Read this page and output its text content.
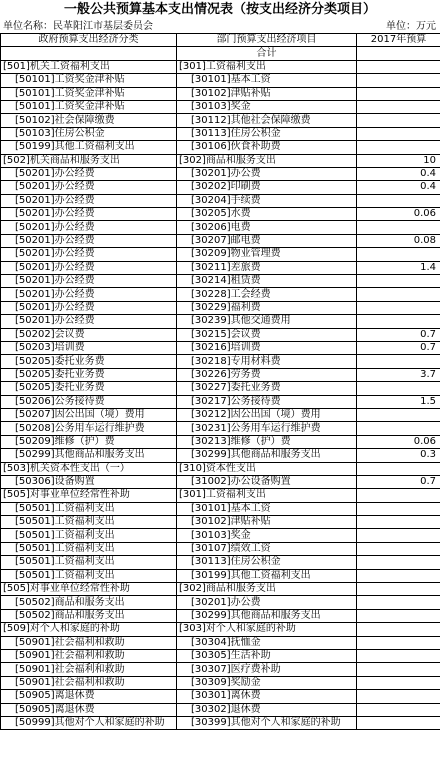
一般公共预算基本支出情况表（按支出经济分类项目）
单位名称：民革阳江市基层委员会	单位：万元
政府预算支出经济分类	部门预算支出经济项目	2017年预算
	合计	
[501]机关工资福利支出	[301]工资福利支出	
[50101]工资奖金津补贴	[30101]基本工资	
[50101]工资奖金津补贴	[30102]津贴补贴	
[50101]工资奖金津补贴	[30103]奖金	
[50102]社会保障缴费	[30112]其他社会保障缴费	
[50103]住房公积金	[30113]住房公积金	
[50199]其他工资福利支出	[30106]伙食补助费	
[502]机关商品和服务支出	[302]商品和服务支出	10
[50201]办公经费	[30201]办公费	0.4
[50201]办公经费	[30202]印刷费	0.4
[50201]办公经费	[30204]手续费	
[50201]办公经费	[30205]水费	0.06
[50201]办公经费	[30206]电费	
[50201]办公经费	[30207]邮电费	0.08
[50201]办公经费	[30209]物业管理费	
[50201]办公经费	[30211]差旅费	1.4
[50201]办公经费	[30214]租赁费	
[50201]办公经费	[30228]工会经费	
[50201]办公经费	[30229]福利费	
[50201]办公经费	[30239]其他交通费用	
[50202]会议费	[30215]会议费	0.7
[50203]培训费	[30216]培训费	0.7
[50205]委托业务费	[30218]专用材料费	
[50205]委托业务费	[30226]劳务费	3.7
[50205]委托业务费	[30227]委托业务费	
[50206]公务接待费	[30217]公务接待费	1.5
[50207]因公出国（境）费用	[30212]因公出国（境）费用	
[50208]公务用车运行维护费	[30231]公务用车运行维护费	
[50209]维修（护）费	[30213]维修（护）费	0.06
[50299]其他商品和服务支出	[30299]其他商品和服务支出	0.3
[503]机关资本性支出（一）	[310]资本性支出	
[50306]设备购置	[31002]办公设备购置	0.7
[505]对事业单位经常性补助	[301]工资福利支出	
[50501]工资福利支出	[30101]基本工资	
[50501]工资福利支出	[30102]津贴补贴	
[50501]工资福利支出	[30103]奖金	
[50501]工资福利支出	[30107]绩效工资	
[50501]工资福利支出	[30113]住房公积金	
[50501]工资福利支出	[30199]其他工资福利支出	
[505]对事业单位经常性补助	[302]商品和服务支出	
[50502]商品和服务支出	[30201]办公费	
[50502]商品和服务支出	[30299]其他商品和服务支出	
[509]对个人和家庭的补助	[303]对个人和家庭的补助	
[50901]社会福利和救助	[30304]抚恤金	
[50901]社会福利和救助	[30305]生活补助	
[50901]社会福利和救助	[30307]医疗费补助	
[50901]社会福利和救助	[30309]奖励金	
[50905]离退休费	[30301]离休费	
[50905]离退休费	[30302]退休费	
[50999]其他对个人和家庭的补助	[30399]其他对个人和家庭的补助	
